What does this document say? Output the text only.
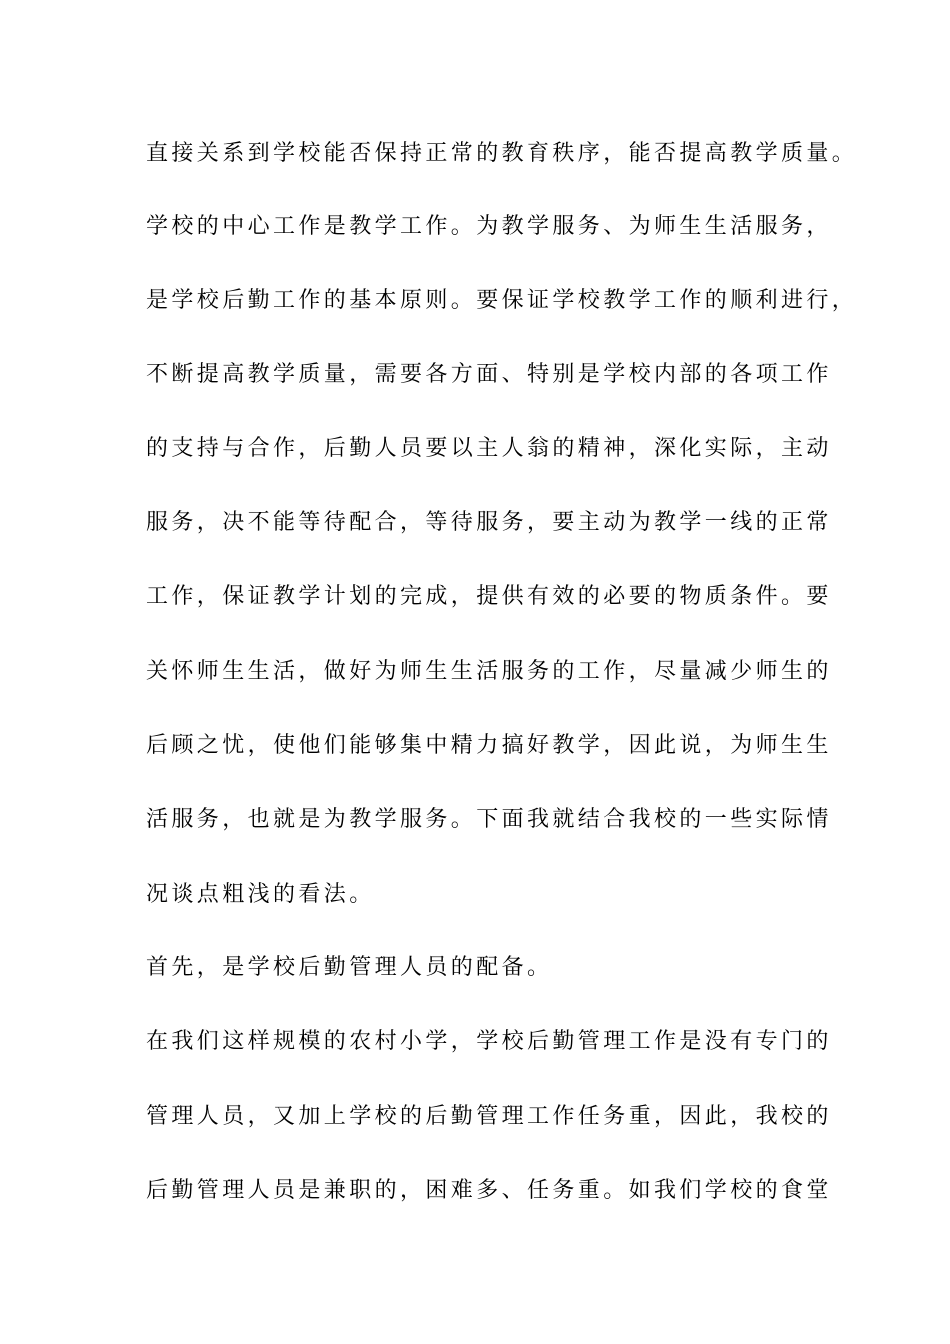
直接关系到学校能否保持正常的教育秩序，能否提高教学质量。
学校的中心工作是教学工作。为教学服务、为师生生活服务，
是学校后勤工作的基本原则。要保证学校教学工作的顺利进行，
不断提高教学质量，需要各方面、特别是学校内部的各项工作
的支持与合作，后勤人员要以主人翁的精神，深化实际，主动
服务，决不能等待配合，等待服务，要主动为教学一线的正常
工作，保证教学计划的完成，提供有效的必要的物质条件。要
关怀师生生活，做好为师生生活服务的工作，尽量减少师生的
后顾之忧，使他们能够集中精力搞好教学，因此说，为师生生
活服务，也就是为教学服务。下面我就结合我校的一些实际情
况谈点粗浅的看法。
首先，是学校后勤管理人员的配备。
在我们这样规模的农村小学，学校后勤管理工作是没有专门的
管理人员，又加上学校的后勤管理工作任务重，因此，我校的
后勤管理人员是兼职的，困难多、任务重。如我们学校的食堂
